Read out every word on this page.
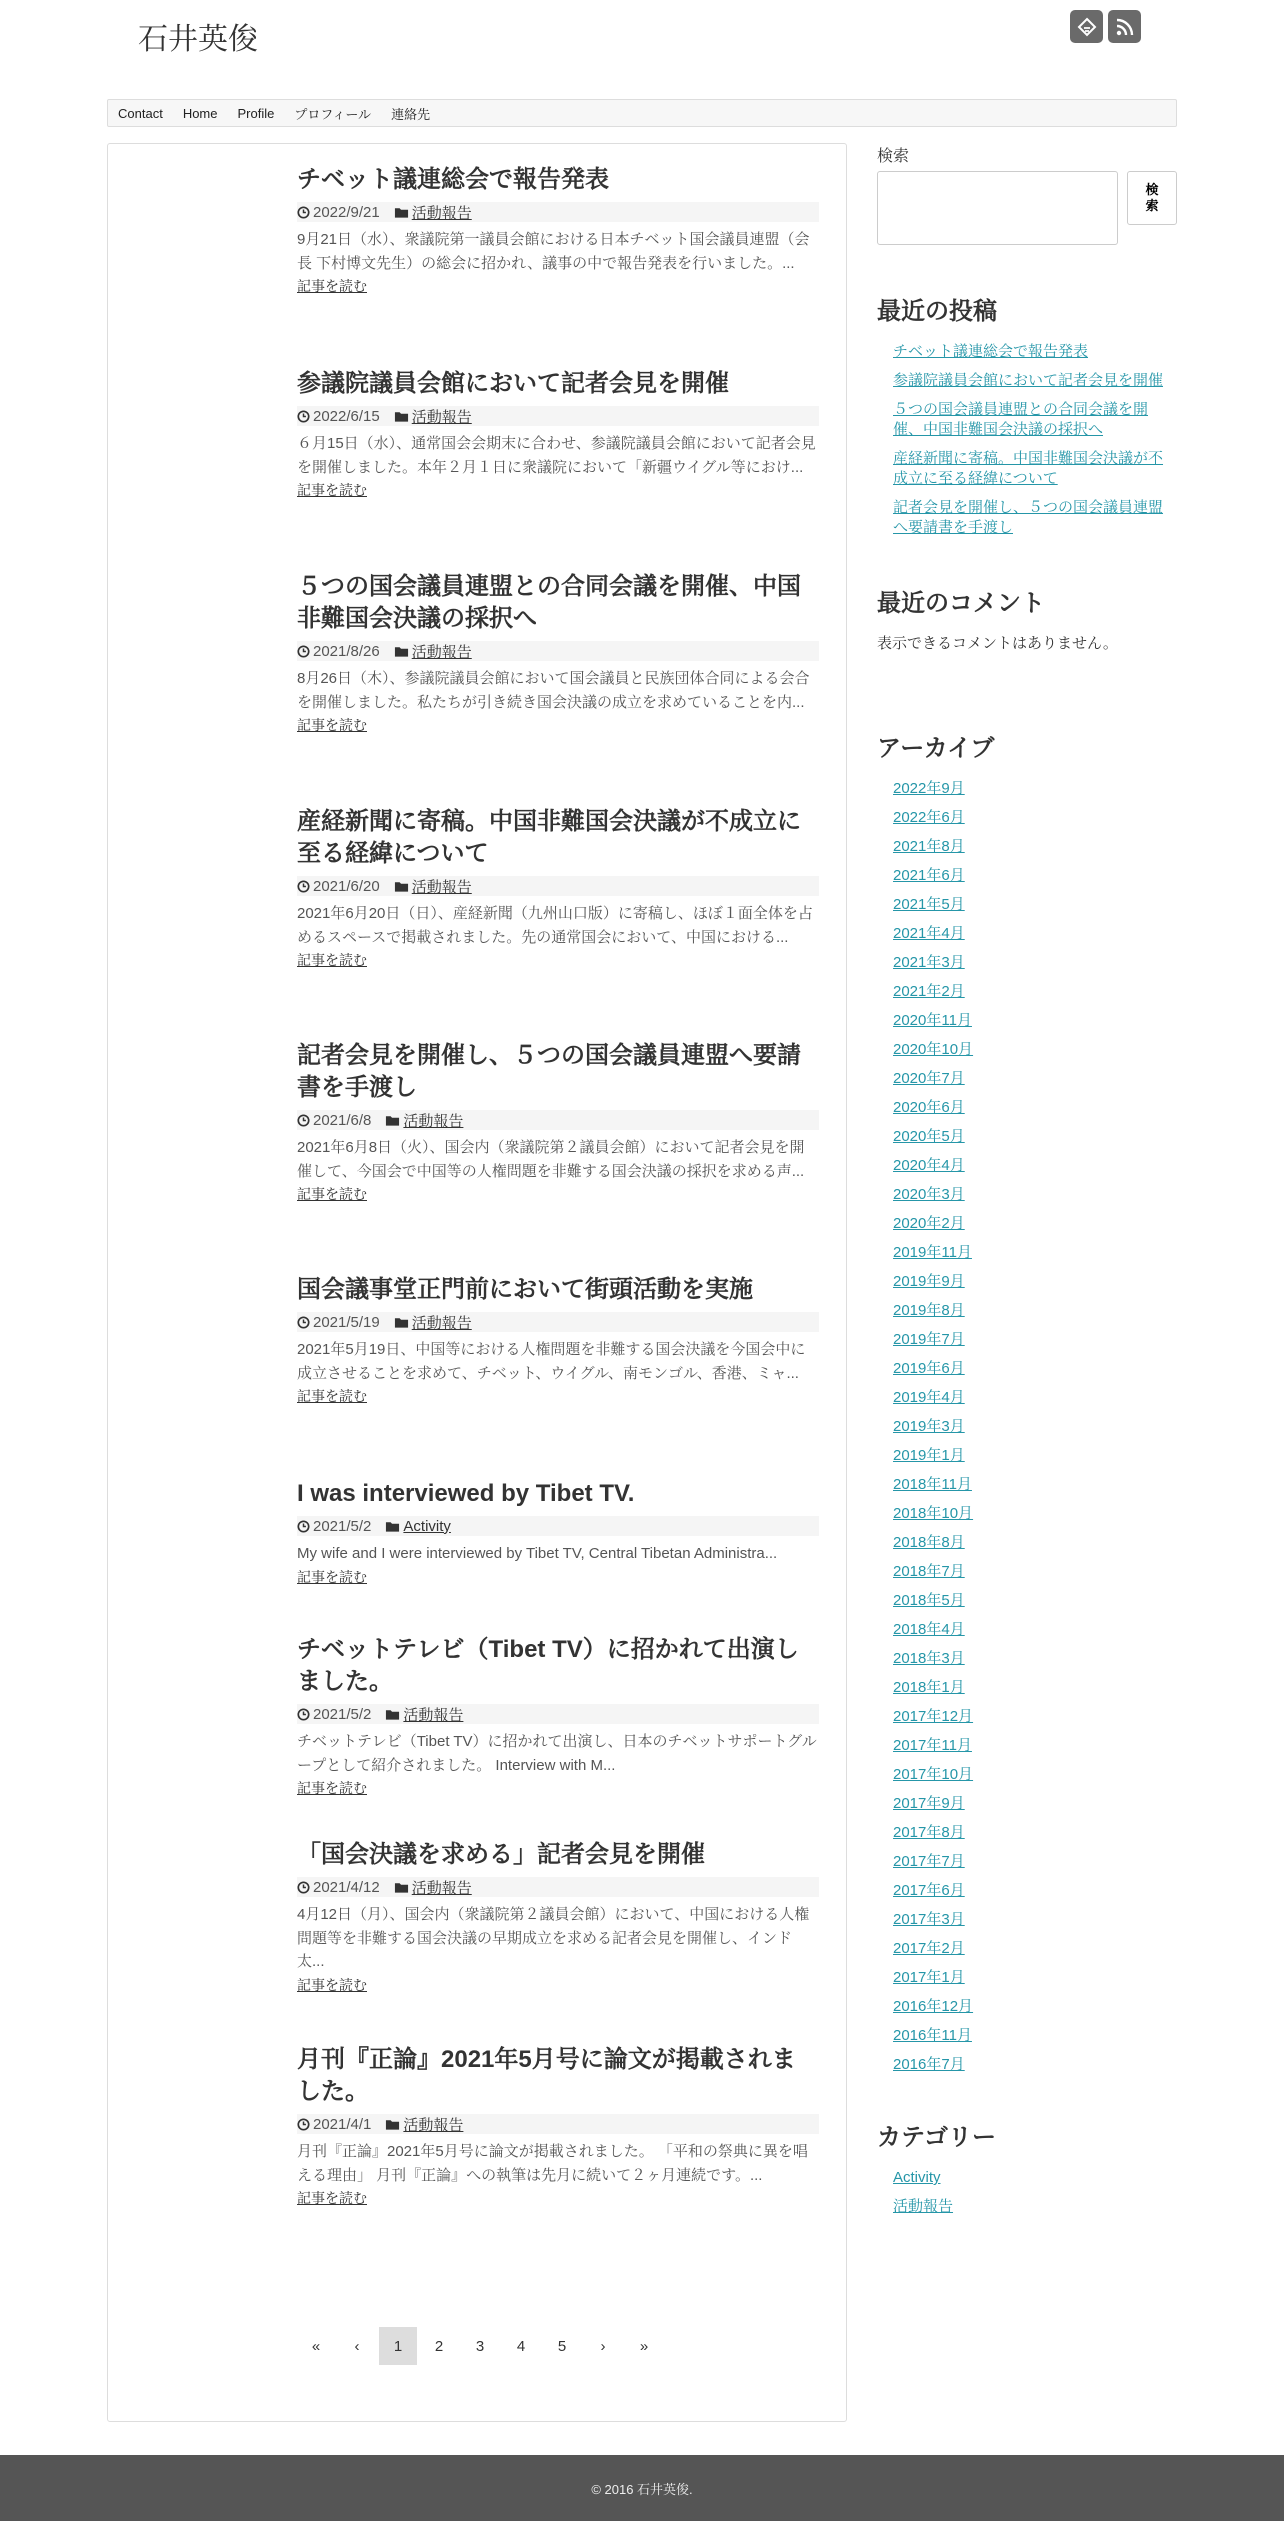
石井英俊
Contact Home Profile プロフィール 連絡先
チベット議連総会で報告発表
2022/9/21 活動報告
9月21日（水）、衆議院第一議員会館における日本チベット国会議員連盟（会長 下村博文先生）の総会に招かれ、議事の中で報告発表を行いました。...
記事を読む
参議院議員会館において記者会見を開催
2022/6/15 活動報告
６月15日（水）、通常国会会期末に合わせ、参議院議員会館において記者会見を開催しました。本年２月１日に衆議院において「新疆ウイグル等におけ...
記事を読む
５つの国会議員連盟との合同会議を開催、中国非難国会決議の採択へ
2021/8/26 活動報告
8月26日（木）、参議院議員会館において国会議員と民族団体合同による会合を開催しました。私たちが引き続き国会決議の成立を求めていることを内...
記事を読む
産経新聞に寄稿。中国非難国会決議が不成立に至る経緯について
2021/6/20 活動報告
2021年6月20日（日）、産経新聞（九州山口版）に寄稿し、ほぼ１面全体を占めるスペースで掲載されました。先の通常国会において、中国における...
記事を読む
記者会見を開催し、５つの国会議員連盟へ要請書を手渡し
2021/6/8 活動報告
2021年6月8日（火）、国会内（衆議院第２議員会館）において記者会見を開催して、今国会で中国等の人権問題を非難する国会決議の採択を求める声...
記事を読む
国会議事堂正門前において街頭活動を実施
2021/5/19 活動報告
2021年5月19日、中国等における人権問題を非難する国会決議を今国会中に成立させることを求めて、チベット、ウイグル、南モンゴル、香港、ミャ...
記事を読む
I was interviewed by Tibet TV.
2021/5/2 Activity
My wife and I were interviewed by Tibet TV, Central Tibetan Administra...
記事を読む
チベットテレビ（Tibet TV）に招かれて出演しました。
2021/5/2 活動報告
チベットテレビ（Tibet TV）に招かれて出演し、日本のチベットサポートグループとして紹介されました。 Interview with M...
記事を読む
「国会決議を求める」記者会見を開催
2021/4/12 活動報告
4月12日（月）、国会内（衆議院第２議員会館）において、中国における人権問題等を非難する国会決議の早期成立を求める記者会見を開催し、インド太...
記事を読む
月刊『正論』2021年5月号に論文が掲載されました。
2021/4/1 活動報告
月刊『正論』2021年5月号に論文が掲載されました。 「平和の祭典に異を唱える理由」 月刊『正論』への執筆は先月に続いて２ヶ月連続です。...
記事を読む
«	‹	1	2	3	4	5	›	»
検索
検索
最近の投稿
チベット議連総会で報告発表
参議院議員会館において記者会見を開催
５つの国会議員連盟との合同会議を開催、中国非難国会決議の採択へ
産経新聞に寄稿。中国非難国会決議が不成立に至る経緯について
記者会見を開催し、５つの国会議員連盟へ要請書を手渡し
最近のコメント
表示できるコメントはありません。
アーカイブ
2022年9月
2022年6月
2021年8月
2021年6月
2021年5月
2021年4月
2021年3月
2021年2月
2020年11月
2020年10月
2020年7月
2020年6月
2020年5月
2020年4月
2020年3月
2020年2月
2019年11月
2019年9月
2019年8月
2019年7月
2019年6月
2019年4月
2019年3月
2019年1月
2018年11月
2018年10月
2018年8月
2018年7月
2018年5月
2018年4月
2018年3月
2018年1月
2017年12月
2017年11月
2017年10月
2017年9月
2017年8月
2017年7月
2017年6月
2017年3月
2017年2月
2017年1月
2016年12月
2016年11月
2016年7月
カテゴリー
Activity
活動報告
© 2016 石井英俊.
